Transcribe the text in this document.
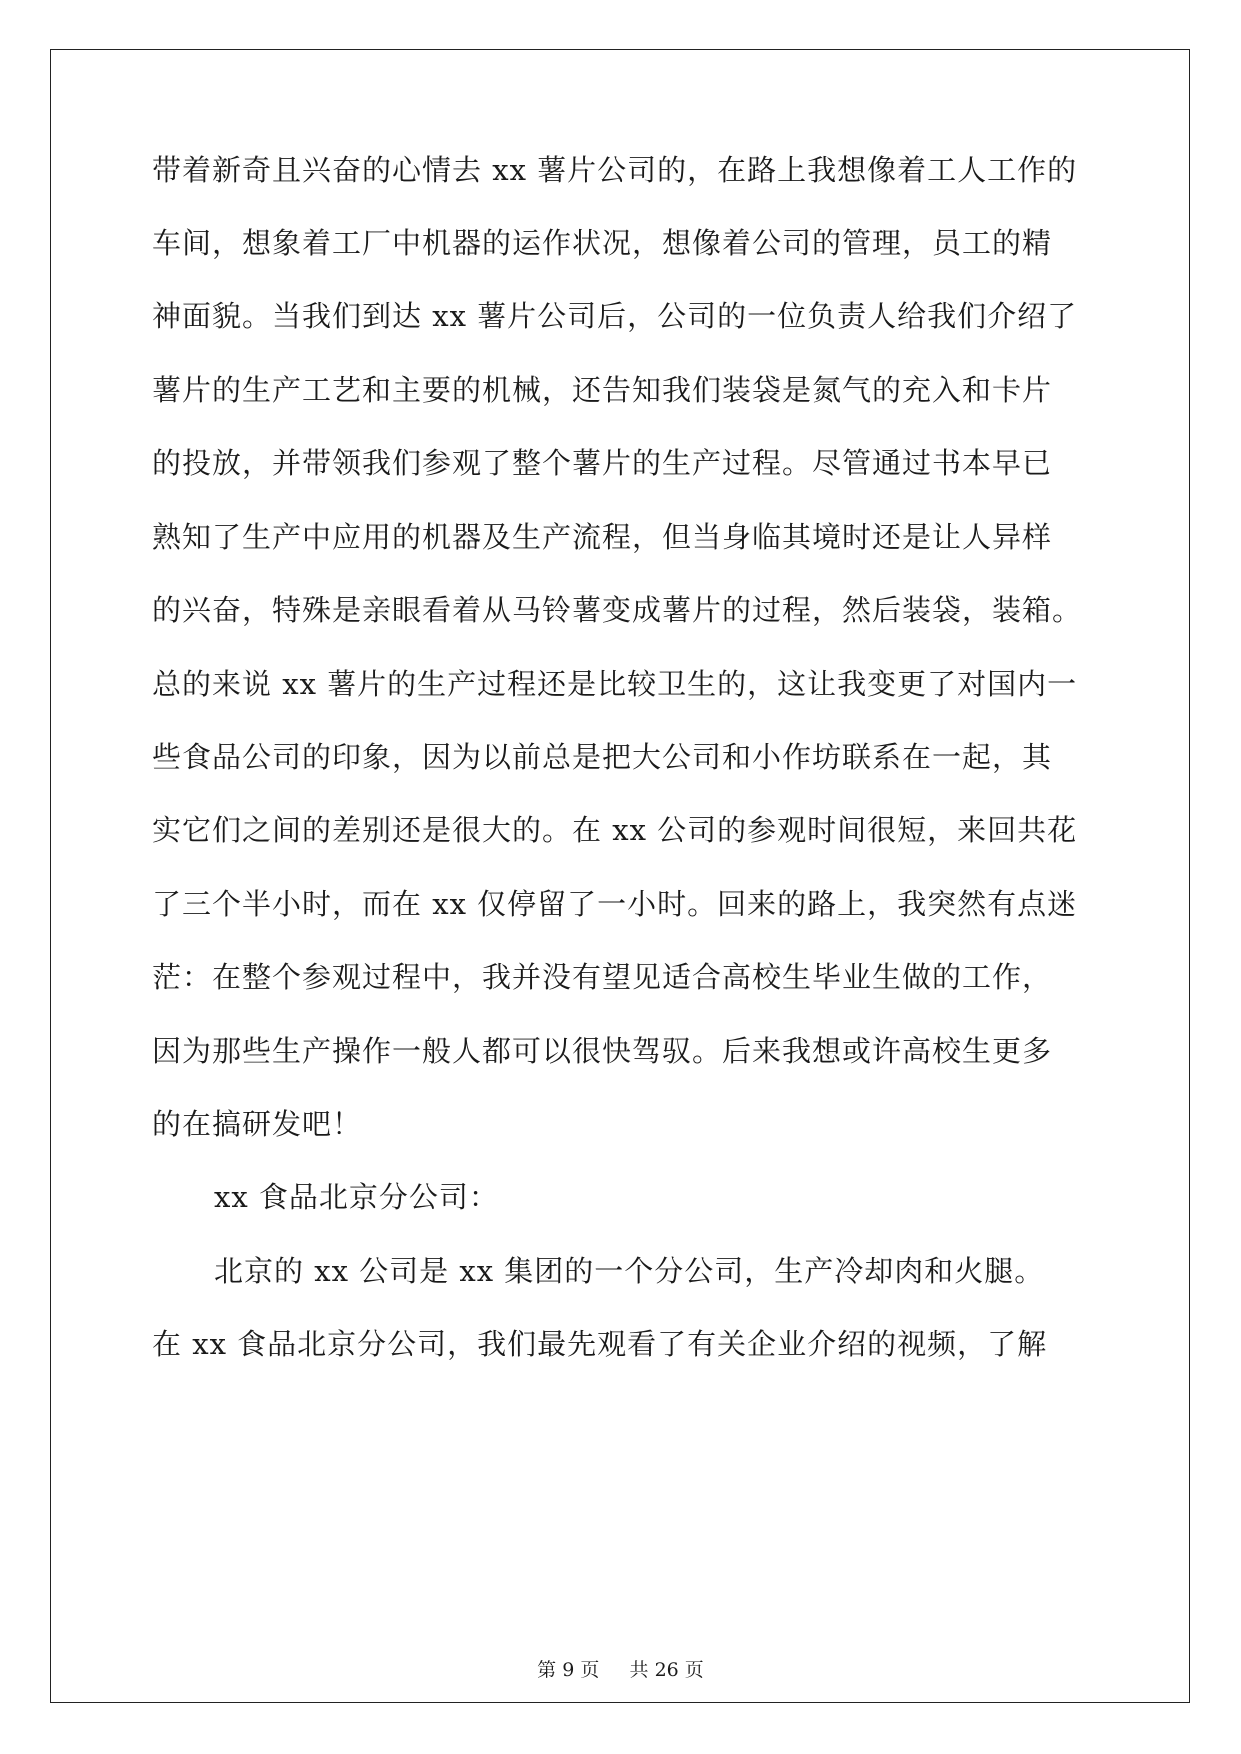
带着新奇且兴奋的心情去 xx 薯片公司的，在路上我想像着工人工作的
车间，想象着工厂中机器的运作状况，想像着公司的管理，员工的精
神面貌。当我们到达 xx 薯片公司后，公司的一位负责人给我们介绍了
薯片的生产工艺和主要的机械，还告知我们装袋是氮气的充入和卡片
的投放，并带领我们参观了整个薯片的生产过程。尽管通过书本早已
熟知了生产中应用的机器及生产流程，但当身临其境时还是让人异样
的兴奋，特殊是亲眼看着从马铃薯变成薯片的过程，然后装袋，装箱。
总的来说 xx 薯片的生产过程还是比较卫生的，这让我变更了对国内一
些食品公司的印象，因为以前总是把大公司和小作坊联系在一起，其
实它们之间的差别还是很大的。在 xx 公司的参观时间很短，来回共花
了三个半小时，而在 xx 仅停留了一小时。回来的路上，我突然有点迷
茫：在整个参观过程中，我并没有望见适合高校生毕业生做的工作，
因为那些生产操作一般人都可以很快驾驭。后来我想或许高校生更多
的在搞研发吧！
xx 食品北京分公司：
北京的 xx 公司是 xx 集团的一个分公司，生产冷却肉和火腿。
在 xx 食品北京分公司，我们最先观看了有关企业介绍的视频，了解
第 9 页 共 26 页
